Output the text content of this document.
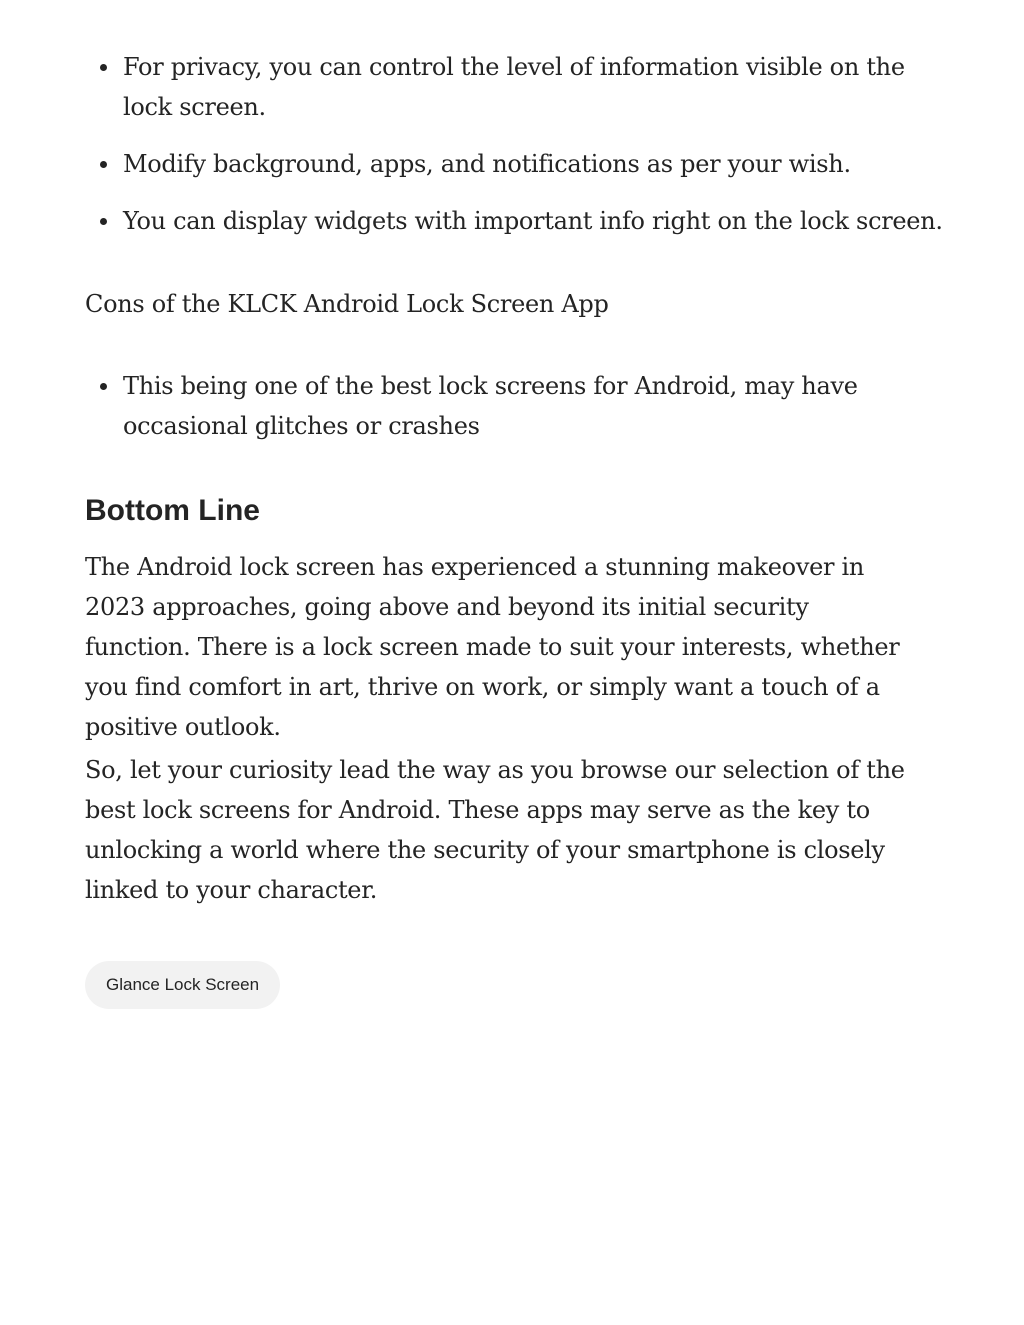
For privacy, you can control the level of information visible on the lock screen.
Modify background, apps, and notifications as per your wish.
You can display widgets with important info right on the lock screen.

Cons of the KLCK Android Lock Screen App

This being one of the best lock screens for Android, may have occasional glitches or crashes
Bottom Line

The Android lock screen has experienced a stunning makeover in 2023 approaches, going above and beyond its initial security function. There is a lock screen made to suit your interests, whether you find comfort in art, thrive on work, or simply want a touch of a positive outlook.

So, let your curiosity lead the way as you browse our selection of the best lock screens for Android. These apps may serve as the key to unlocking a world where the security of your smartphone is closely linked to your character.

Glance Lock Screen
